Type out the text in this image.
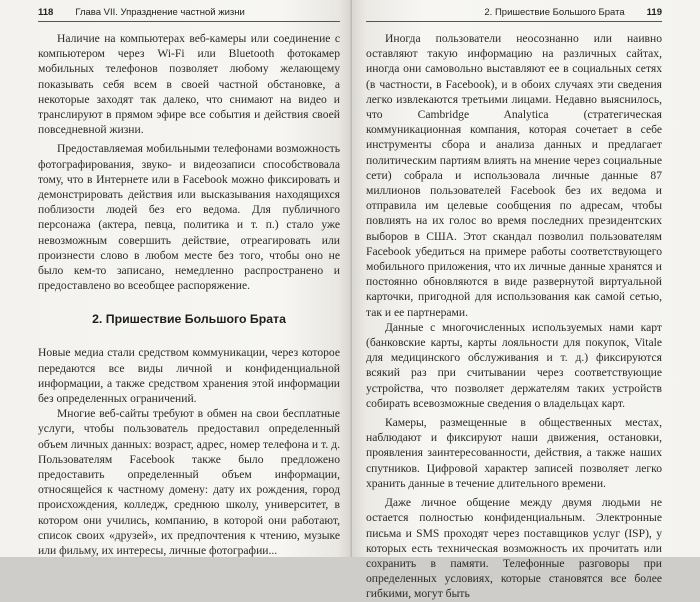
118 Глава VII. Упразднение частной жизни

Наличие на компьютерах веб-камеры или соединение с компьютером через Wi-Fi или Bluetooth фотокамер мобильных телефонов позволяет любому желающему показывать себя всем в своей частной обстановке, а некоторые заходят так далеко, что снимают на видео и транслируют в прямом эфире все события и действия своей повседневной жизни.

Предоставляемая мобильными телефонами возможность фотографирования, звуко- и видеозаписи способствовала тому, что в Интернете или в Facebook можно фиксировать и демонстрировать действия или высказывания находящихся поблизости людей без его ведома. Для публичного персонажа (актера, певца, политика и т. п.) стало уже невозможным совершить действие, отреагировать или произнести слово в любом месте без того, чтобы оно не было кем-то записано, немедленно распространено и предоставлено во всеобщее распоряжение.

2. Пришествие Большого Брата

Новые медиа стали средством коммуникации, через которое передаются все виды личной и конфиденциальной информации, а также средством хранения этой информации без определенных ограничений.

Многие веб-сайты требуют в обмен на свои бесплатные услуги, чтобы пользователь предоставил определенный объем личных данных: возраст, адрес, номер телефона и т. д. Пользователям Facebook также было предложено предоставить определенный объем информации, относящейся к частному домену: дату их рождения, город происхождения, колледж, среднюю школу, университет, в котором они учились, компанию, в которой они работают, список своих «друзей», их предпочтения к чтению, музыке или фильму, их интересы, личные фотографии...

2. Пришествие Большого Брата 119

Иногда пользователи неосознанно или наивно оставляют такую информацию на различных сайтах, иногда они самовольно выставляют ее в социальных сетях (в частности, в Facebook), и в обоих случаях эти сведения легко извлекаются третьими лицами. Недавно выяснилось, что Cambridge Analytica (стратегическая коммуникационная компания, которая сочетает в себе инструменты сбора и анализа данных и предлагает политическим партиям влиять на мнение через социальные сети) собрала и использовала личные данные 87 миллионов пользователей Facebook без их ведома и отправила им целевые сообщения по адресам, чтобы повлиять на их голос во время последних президентских выборов в США. Этот скандал позволил пользователям Facebook убедиться на примере работы соответствующего мобильного приложения, что их личные данные хранятся и постоянно обновляются в виде развернутой виртуальной карточки, пригодной для использования как самой сетью, так и ее партнерами.

Данные с многочисленных используемых нами карт (банковские карты, карты лояльности для покупок, Vitale для медицинского обслуживания и т. д.) фиксируются всякий раз при считывании через соответствующие устройства, что позволяет держателям таких устройств собирать всевозможные сведения о владельцах карт.

Камеры, размещенные в общественных местах, наблюдают и фиксируют наши движения, остановки, проявления заинтересованности, действия, а также наших спутников. Цифровой характер записей позволяет легко хранить данные в течение длительного времени.

Даже личное общение между двумя людьми не остается полностью конфиденциальным. Электронные письма и SMS проходят через поставщиков услуг (ISP), у которых есть техническая возможность их прочитать или сохранить в памяти. Телефонные разговоры при определенных условиях, которые становятся все более гибкими, могут быть
